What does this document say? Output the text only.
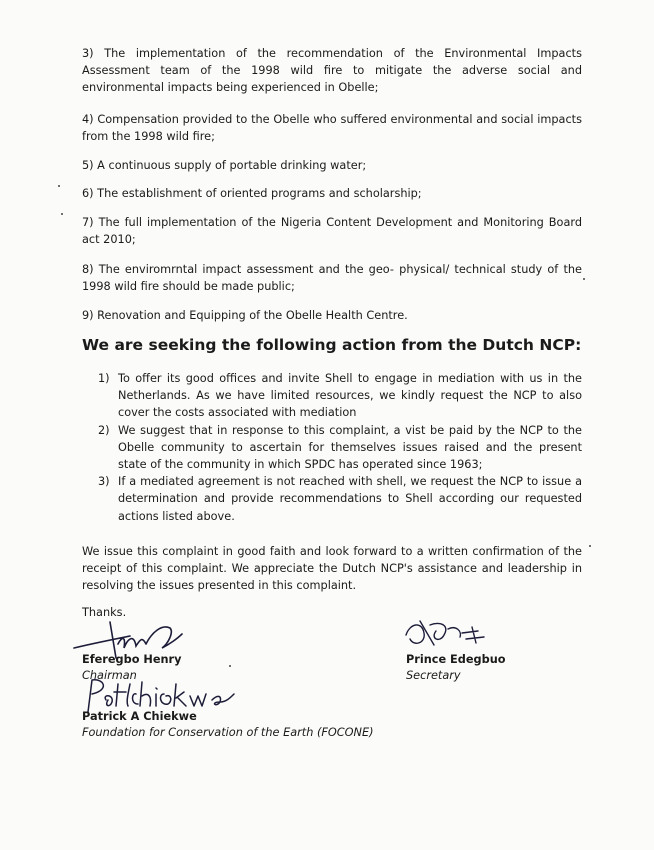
3) The implementation of the recommendation of the Environmental Impacts Assessment team of the 1998 wild fire to mitigate the adverse social and environmental impacts being experienced in Obelle;

4) Compensation provided to the Obelle who suffered environmental and social impacts from the 1998 wild fire;

5) A continuous supply of portable drinking water;

6) The establishment of oriented programs and scholarship;

7) The full implementation of the Nigeria Content Development and Monitoring Board act 2010;

8) The enviromrntal impact assessment and the geo- physical/ technical study of the 1998 wild fire should be made public;

9) Renovation and Equipping of the Obelle Health Centre.

We are seeking the following action from the Dutch NCP:
1) To offer its good offices and invite Shell to engage in mediation with us in the Netherlands. As we have limited resources, we kindly request the NCP to also cover the costs associated with mediation
2) We suggest that in response to this complaint, a vist be paid by the NCP to the Obelle community to ascertain for themselves issues raised and the present state of the community in which SPDC has operated since 1963;
3) If a mediated agreement is not reached with shell, we request the NCP to issue a determination and provide recommendations to Shell according our requested actions listed above.

We issue this complaint in good faith and look forward to a written confirmation of the receipt of this complaint. We appreciate the Dutch NCP's assistance and leadership in resolving the issues presented in this complaint.

Thanks.

Eferegbo Henry
Chairman
Prince Edegbuo
Secretary
Patrick A Chiekwe
Foundation for Conservation of the Earth (FOCONE)
